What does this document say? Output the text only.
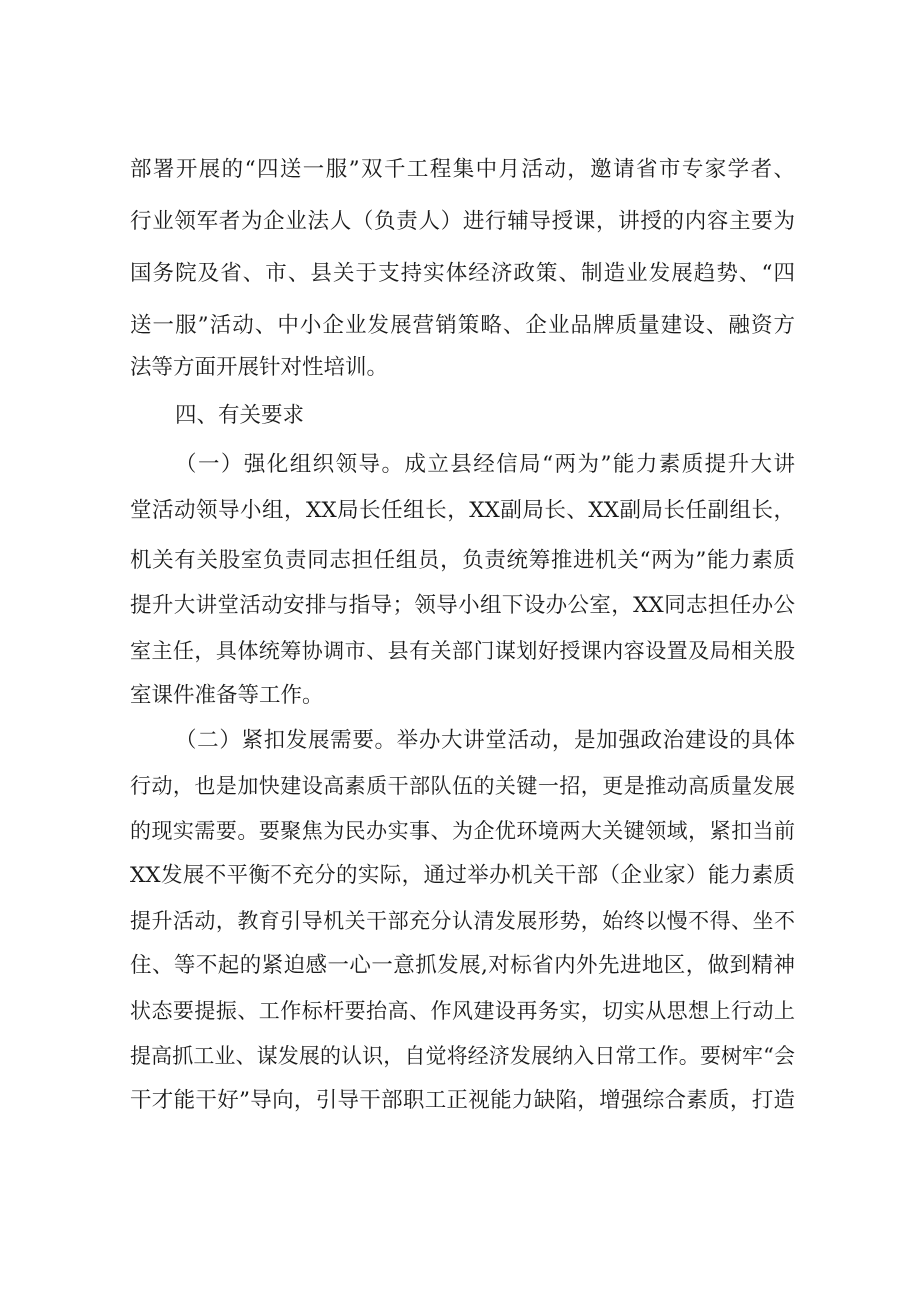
部署开展的“四送一服”双千工程集中月活动，邀请省市专家学者、
行业领军者为企业法人（负责人）进行辅导授课，讲授的内容主要为
国务院及省、市、县关于支持实体经济政策、制造业发展趋势、“四
送一服”活动、中小企业发展营销策略、企业品牌质量建设、融资方
法等方面开展针对性培训。
四、有关要求
（一）强化组织领导。成立县经信局“两为”能力素质提升大讲
堂活动领导小组，XX局长任组长，XX副局长、XX副局长任副组长，
机关有关股室负责同志担任组员，负责统筹推进机关“两为”能力素质
提升大讲堂活动安排与指导；领导小组下设办公室，XX同志担任办公
室主任，具体统筹协调市、县有关部门谋划好授课内容设置及局相关股
室课件准备等工作。
（二）紧扣发展需要。举办大讲堂活动，是加强政治建设的具体
行动，也是加快建设高素质干部队伍的关键一招，更是推动高质量发展
的现实需要。要聚焦为民办实事、为企优环境两大关键领域，紧扣当前
XX发展不平衡不充分的实际，通过举办机关干部（企业家）能力素质
提升活动，教育引导机关干部充分认清发展形势，始终以慢不得、坐不
住、等不起的紧迫感一心一意抓发展,对标省内外先进地区，做到精神
状态要提振、工作标杆要抬高、作风建设再务实，切实从思想上行动上
提高抓工业、谋发展的认识，自觉将经济发展纳入日常工作。要树牢“会
干才能干好”导向，引导干部职工正视能力缺陷，增强综合素质，打造
